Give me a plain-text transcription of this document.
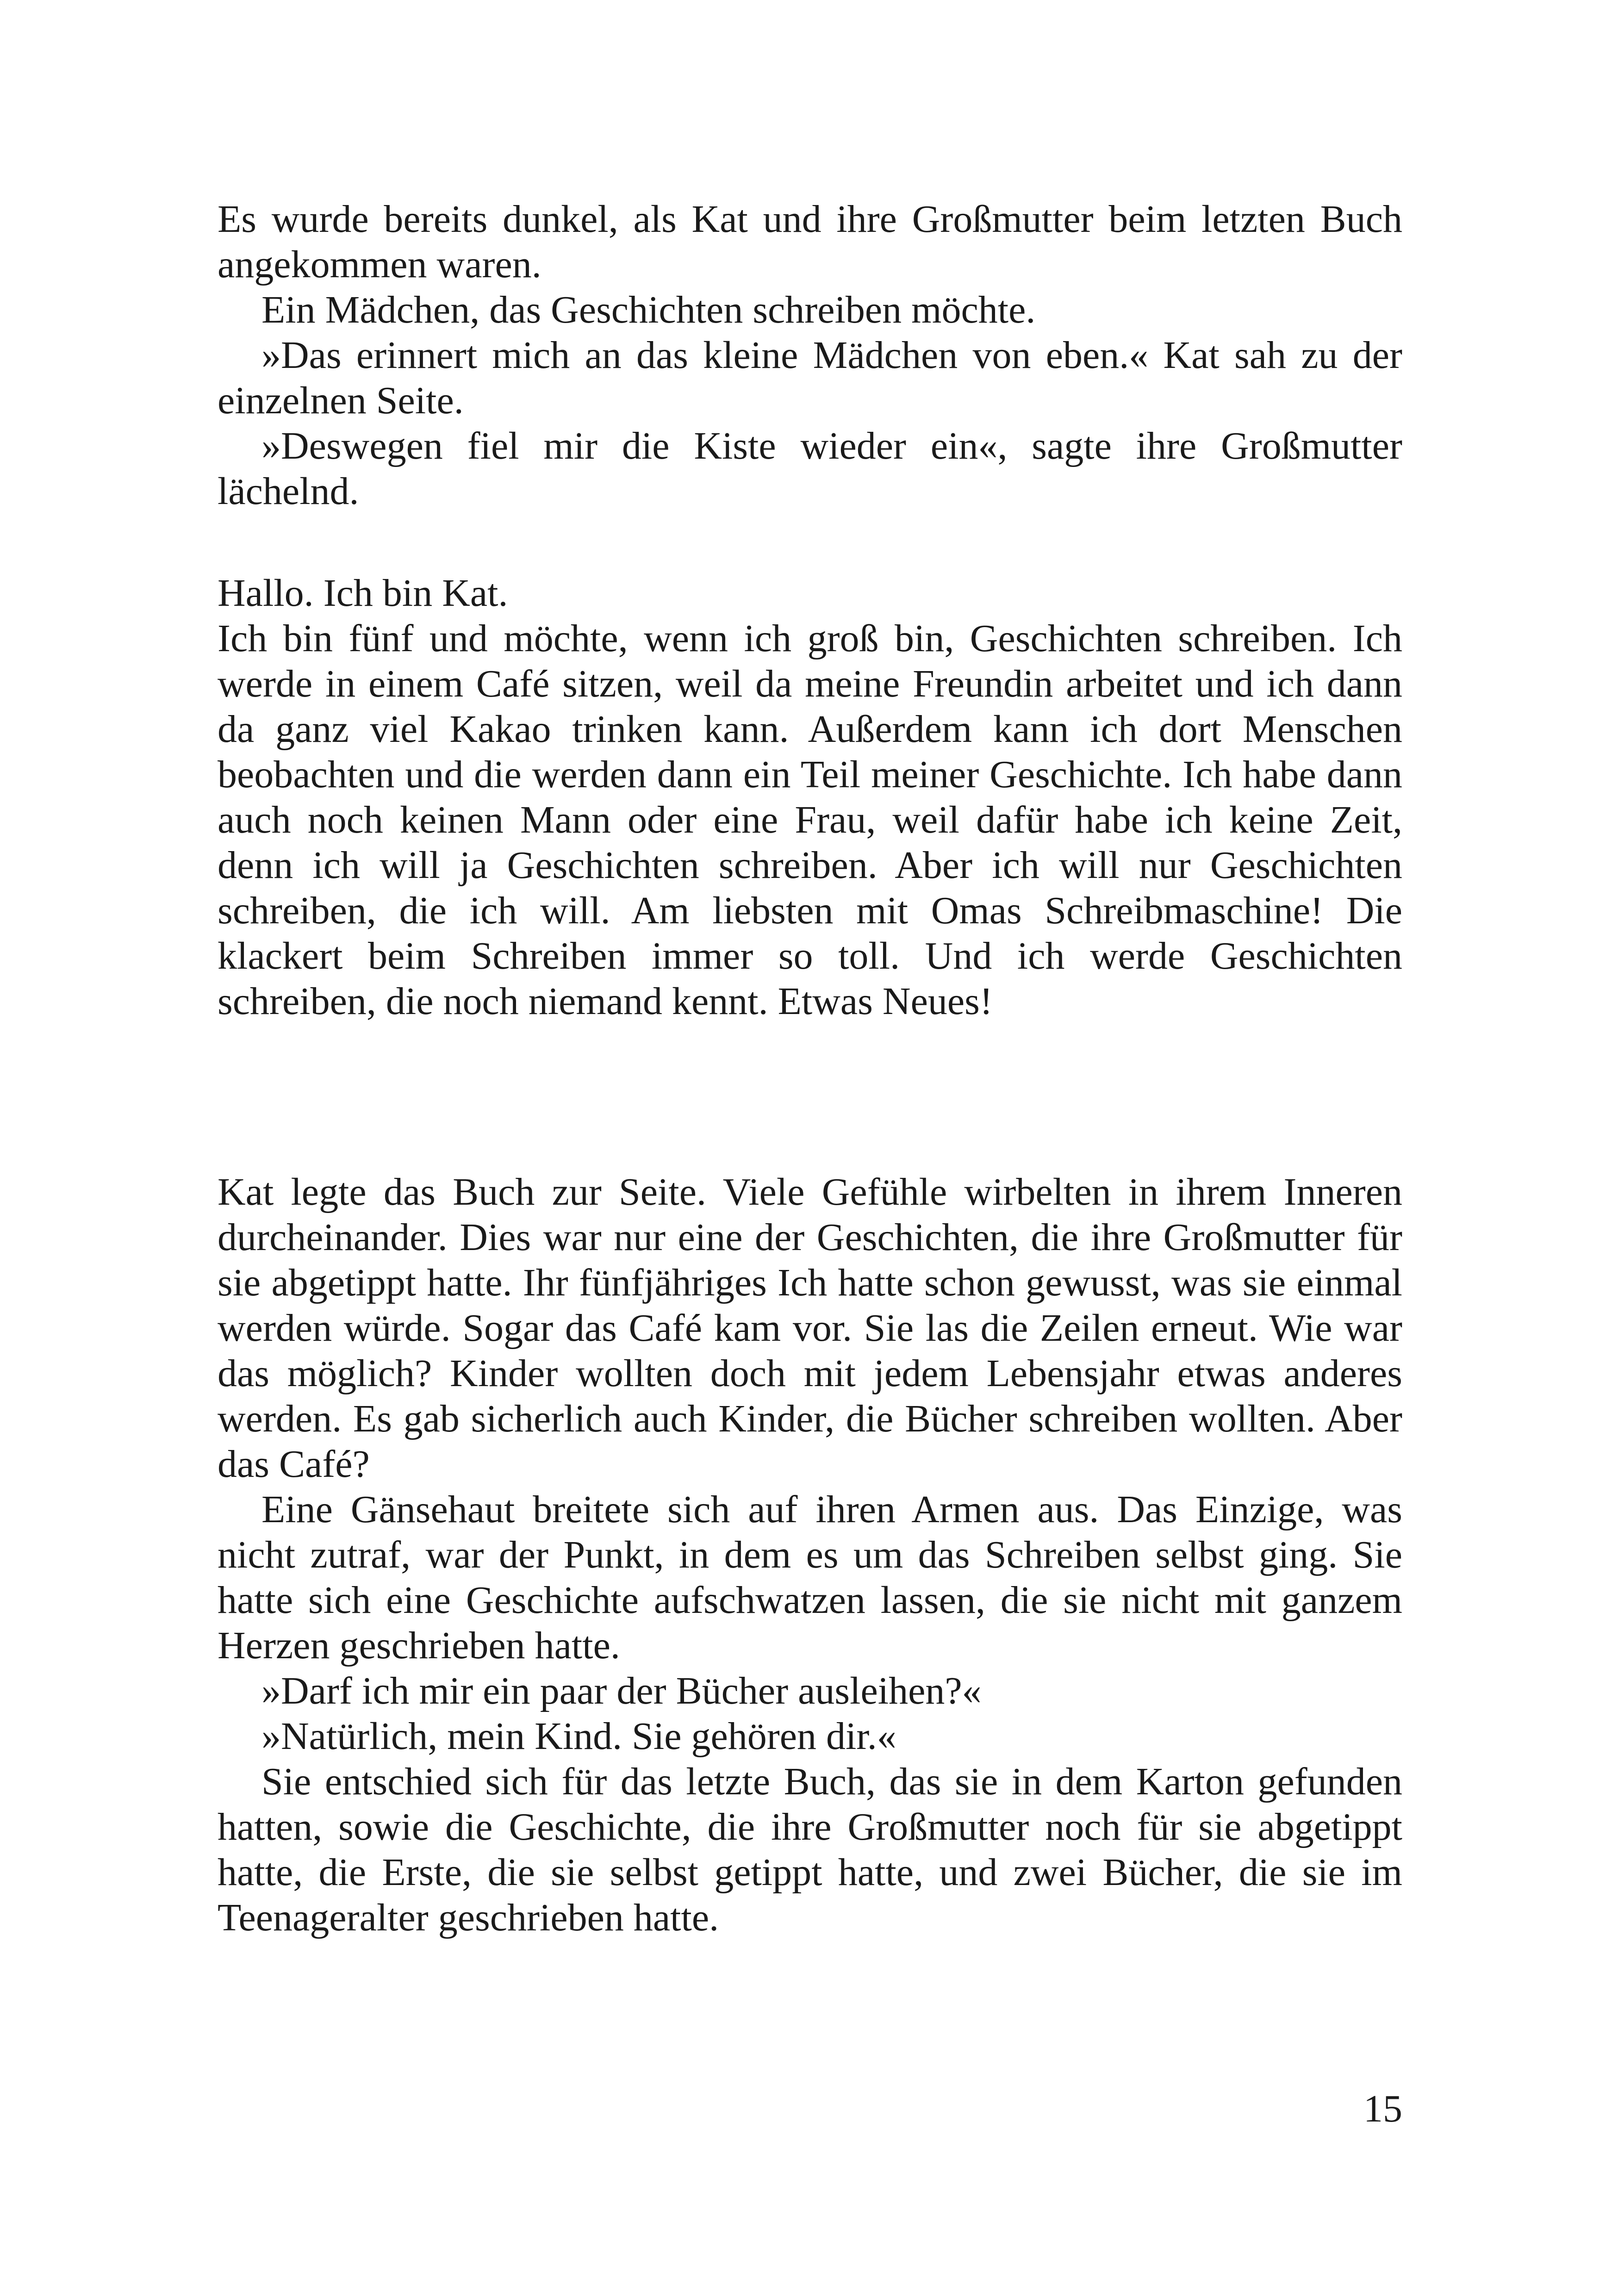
Es wurde bereits dunkel, als Kat und ihre Großmutter beim letzten Buch angekommen waren.

Ein Mädchen, das Geschichten schreiben möchte.

»Das erinnert mich an das kleine Mädchen von eben.« Kat sah zu der einzelnen Seite.

»Deswegen fiel mir die Kiste wieder ein«, sagte ihre Großmutter lächelnd.

Hallo. Ich bin Kat.

Ich bin fünf und möchte, wenn ich groß bin, Geschichten schreiben. Ich werde in einem Café sitzen, weil da meine Freundin arbeitet und ich dann da ganz viel Kakao trinken kann. Außerdem kann ich dort Menschen beobachten und die werden dann ein Teil meiner Geschichte. Ich habe dann auch noch keinen Mann oder eine Frau, weil dafür habe ich keine Zeit, denn ich will ja Geschichten schreiben. Aber ich will nur Geschichten schreiben, die ich will. Am liebsten mit Omas Schreibmaschine! Die klackert beim Schreiben immer so toll. Und ich werde Geschichten schreiben, die noch niemand kennt. Etwas Neues!

Kat legte das Buch zur Seite. Viele Gefühle wirbelten in ihrem Inneren durcheinander. Dies war nur eine der Geschichten, die ihre Großmutter für sie abgetippt hatte. Ihr fünfjähriges Ich hatte schon gewusst, was sie einmal werden würde. Sogar das Café kam vor. Sie las die Zeilen erneut. Wie war das möglich? Kinder wollten doch mit jedem Lebensjahr etwas anderes werden. Es gab sicherlich auch Kinder, die Bücher schreiben wollten. Aber das Café?

Eine Gänsehaut breitete sich auf ihren Armen aus. Das Einzige, was nicht zutraf, war der Punkt, in dem es um das Schreiben selbst ging. Sie hatte sich eine Geschichte aufschwatzen lassen, die sie nicht mit ganzem Herzen geschrieben hatte.

»Darf ich mir ein paar der Bücher ausleihen?«

»Natürlich, mein Kind. Sie gehören dir.«

Sie entschied sich für das letzte Buch, das sie in dem Karton gefunden hatten, sowie die Geschichte, die ihre Großmutter noch für sie abgetippt hatte, die Erste, die sie selbst getippt hatte, und zwei Bücher, die sie im Teenageralter geschrieben hatte.

15
